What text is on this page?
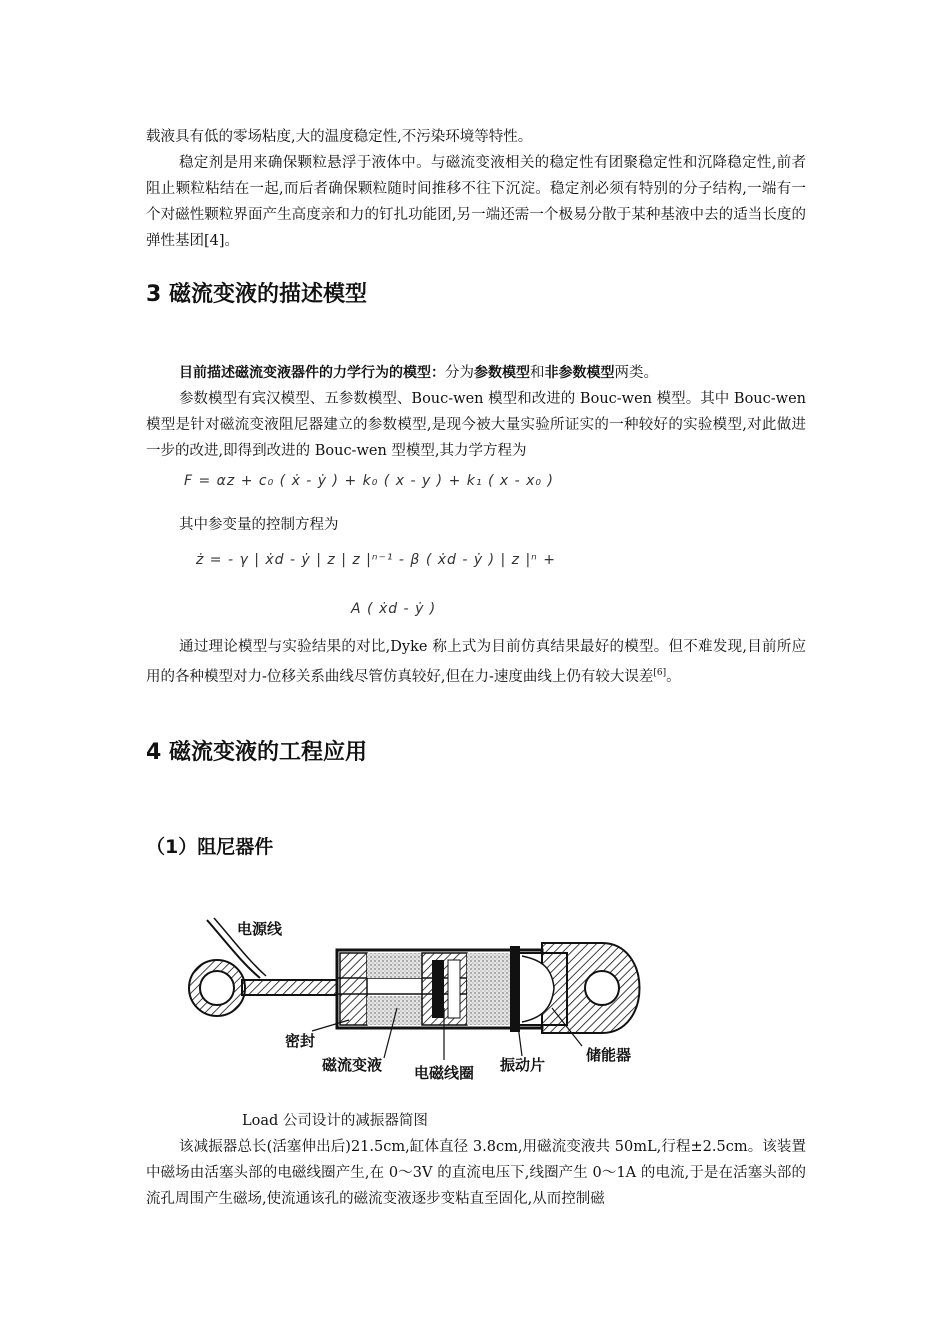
载液具有低的零场粘度,大的温度稳定性,不污染环境等特性。
稳定剂是用来确保颗粒悬浮于液体中。与磁流变液相关的稳定性有团聚稳定性和沉降稳定性,前者阻止颗粒粘结在一起,而后者确保颗粒随时间推移不往下沉淀。稳定剂必须有特别的分子结构,一端有一个对磁性颗粒界面产生高度亲和力的钉扎功能团,另一端还需一个极易分散于某种基液中去的适当长度的弹性基团[4]。
3 磁流变液的描述模型
目前描述磁流变液器件的力学行为的模型：分为参数模型和非参数模型两类。
参数模型有宾汉模型、五参数模型、Bouc-wen 模型和改进的 Bouc-wen 模型。其中 Bouc-wen 模型是针对磁流变液阻尼器建立的参数模型,是现今被大量实验所证实的一种较好的实验模型,对此做进一步的改进,即得到改进的 Bouc-wen 型模型,其力学方程为
F = αz + c₀ ( ẋ - ẏ ) + k₀ ( x - y ) + k₁ ( x - x₀ )
其中参变量的控制方程为
ż = - γ | ẋd - ẏ | z | z |ⁿ⁻¹ - β ( ẋd - ẏ ) | z |ⁿ +
A ( ẋd - ẏ )
通过理论模型与实验结果的对比,Dyke 称上式为目前仿真结果最好的模型。但不难发现,目前所应用的各种模型对力-位移关系曲线尽管仿真较好,但在力-速度曲线上仍有较大误差[6]。
4 磁流变液的工程应用
（1）阻尼器件
电源线
密封
磁流变液 电磁线圈 振动片
储能器
Load 公司设计的减振器简图
该减振器总长(活塞伸出后)21.5cm,缸体直径 3.8cm,用磁流变液共 50mL,行程±2.5cm。该装置中磁场由活塞头部的电磁线圈产生,在 0～3V 的直流电压下,线圈产生 0～1A 的电流,于是在活塞头部的流孔周围产生磁场,使流通该孔的磁流变液逐步变粘直至固化,从而控制磁
